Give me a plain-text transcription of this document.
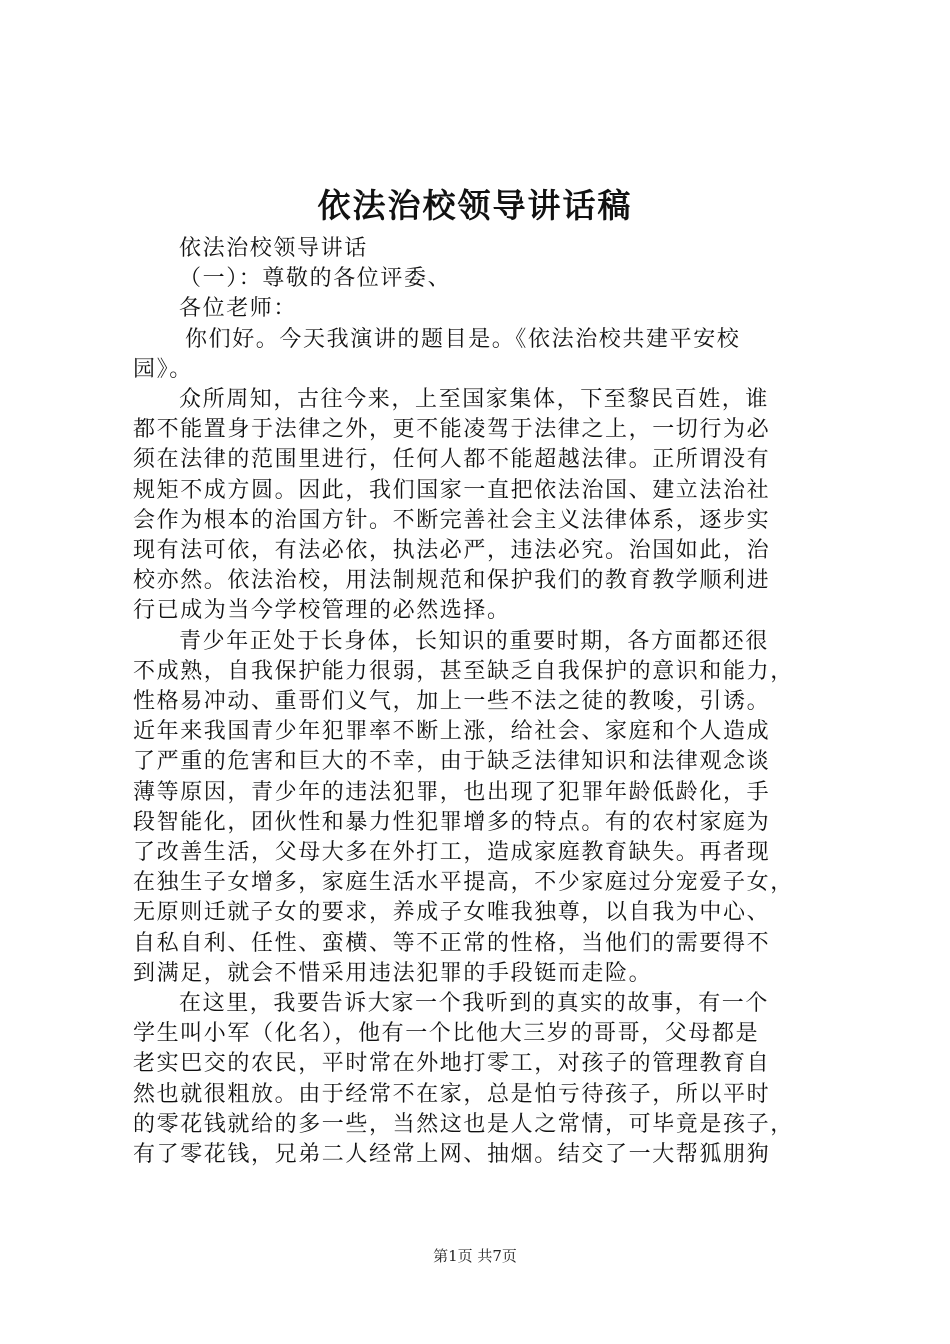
依法治校领导讲话稿

依法治校领导讲话

（一）：尊敬的各位评委、

各位老师：

你们好。今天我演讲的题目是。《依法治校共建平安校

园》。

众所周知，古往今来，上至国家集体，下至黎民百姓，谁

都不能置身于法律之外，更不能凌驾于法律之上，一切行为必

须在法律的范围里进行，任何人都不能超越法律。正所谓没有

规矩不成方圆。因此，我们国家一直把依法治国、建立法治社

会作为根本的治国方针。不断完善社会主义法律体系，逐步实

现有法可依，有法必依，执法必严，违法必究。治国如此，治

校亦然。依法治校，用法制规范和保护我们的教育教学顺利进

行已成为当今学校管理的必然选择。

青少年正处于长身体，长知识的重要时期，各方面都还很

不成熟，自我保护能力很弱，甚至缺乏自我保护的意识和能力，

性格易冲动、重哥们义气，加上一些不法之徒的教唆，引诱。

近年来我国青少年犯罪率不断上涨，给社会、家庭和个人造成

了严重的危害和巨大的不幸，由于缺乏法律知识和法律观念谈

薄等原因，青少年的违法犯罪，也出现了犯罪年龄低龄化，手

段智能化，团伙性和暴力性犯罪增多的特点。有的农村家庭为

了改善生活，父母大多在外打工，造成家庭教育缺失。再者现

在独生子女增多，家庭生活水平提高，不少家庭过分宠爱子女，

无原则迁就子女的要求，养成子女唯我独尊，以自我为中心、

自私自利、任性、蛮横、等不正常的性格，当他们的需要得不

到满足，就会不惜采用违法犯罪的手段铤而走险。

在这里，我要告诉大家一个我听到的真实的故事，有一个

学生叫小军（化名），他有一个比他大三岁的哥哥，父母都是

老实巴交的农民，平时常在外地打零工，对孩子的管理教育自

然也就很粗放。由于经常不在家，总是怕亏待孩子，所以平时

的零花钱就给的多一些，当然这也是人之常情，可毕竟是孩子，

有了零花钱，兄弟二人经常上网、抽烟。结交了一大帮狐朋狗

第1页 共7页
